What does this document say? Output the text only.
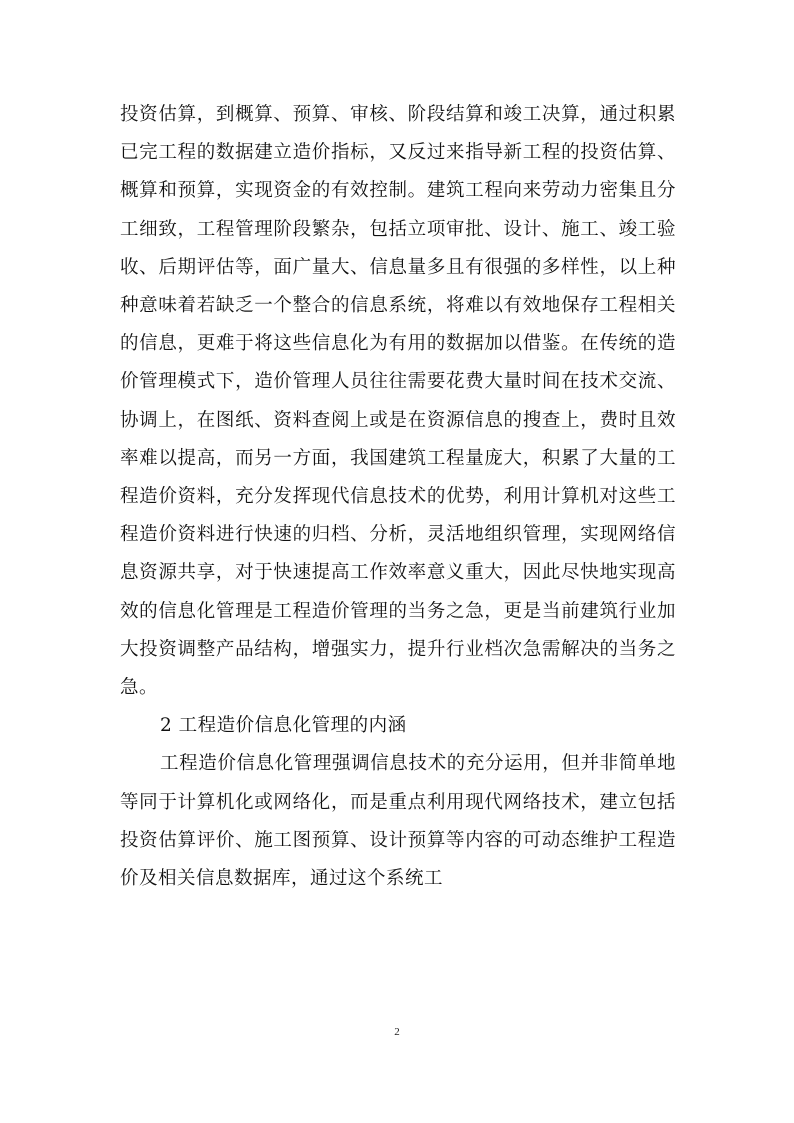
投资估算，到概算、预算、审核、阶段结算和竣工决算，通过积累已完工程的数据建立造价指标，又反过来指导新工程的投资估算、概算和预算，实现资金的有效控制。建筑工程向来劳动力密集且分工细致，工程管理阶段繁杂，包括立项审批、设计、施工、竣工验收、后期评估等，面广量大、信息量多且有很强的多样性，以上种种意味着若缺乏一个整合的信息系统，将难以有效地保存工程相关的信息，更难于将这些信息化为有用的数据加以借鉴。在传统的造价管理模式下，造价管理人员往往需要花费大量时间在技术交流、协调上，在图纸、资料查阅上或是在资源信息的搜查上，费时且效率难以提高，而另一方面，我国建筑工程量庞大，积累了大量的工程造价资料，充分发挥现代信息技术的优势，利用计算机对这些工程造价资料进行快速的归档、分析，灵活地组织管理，实现网络信息资源共享，对于快速提高工作效率意义重大，因此尽快地实现高效的信息化管理是工程造价管理的当务之急，更是当前建筑行业加大投资调整产品结构，增强实力，提升行业档次急需解决的当务之急。

2 工程造价信息化管理的内涵

工程造价信息化管理强调信息技术的充分运用，但并非简单地等同于计算机化或网络化，而是重点利用现代网络技术，建立包括投资估算评价、施工图预算、设计预算等内容的可动态维护工程造价及相关信息数据库，通过这个系统工

2
